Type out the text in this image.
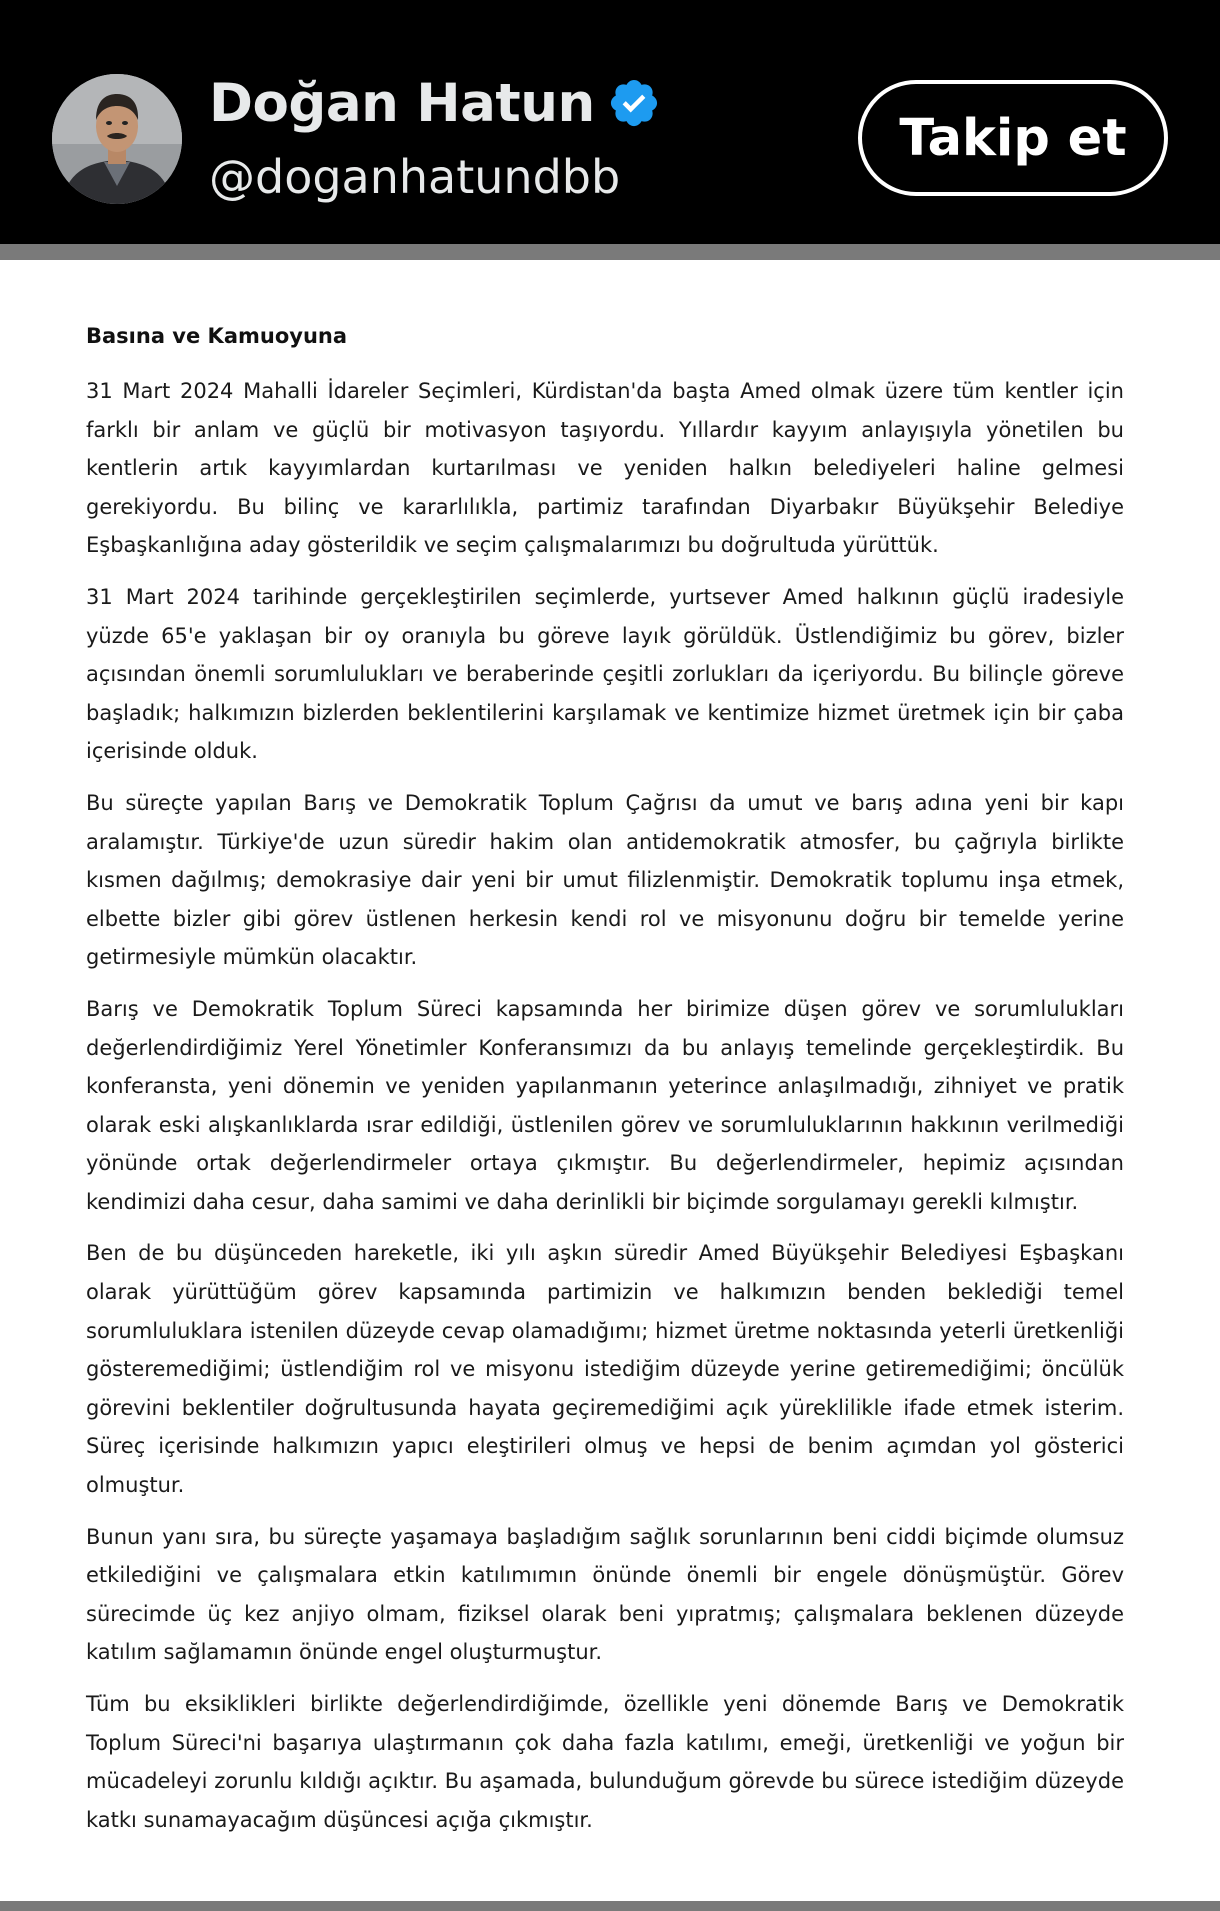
Doğan Hatun
@doganhatundbb
Takip et
Basına ve Kamuoyuna

31 Mart 2024 Mahalli İdareler Seçimleri, Kürdistan'da başta Amed olmak üzere tüm kentler için farklı bir anlam ve güçlü bir motivasyon taşıyordu. Yıllardır kayyım anlayışıyla yönetilen bu kentlerin artık kayyımlardan kurtarılması ve yeniden halkın belediyeleri haline gelmesi gerekiyordu. Bu bilinç ve kararlılıkla, partimiz tarafından Diyarbakır Büyükşehir Belediye Eşbaşkanlığına aday gösterildik ve seçim çalışmalarımızı bu doğrultuda yürüttük.

31 Mart 2024 tarihinde gerçekleştirilen seçimlerde, yurtsever Amed halkının güçlü iradesiyle yüzde 65'e yaklaşan bir oy oranıyla bu göreve layık görüldük. Üstlendiğimiz bu görev, bizler açısından önemli sorumlulukları ve beraberinde çeşitli zorlukları da içeriyordu. Bu bilinçle göreve başladık; halkımızın bizlerden beklentilerini karşılamak ve kentimize hizmet üretmek için bir çaba içerisinde olduk.

Bu süreçte yapılan Barış ve Demokratik Toplum Çağrısı da umut ve barış adına yeni bir kapı aralamıştır. Türkiye'de uzun süredir hakim olan antidemokratik atmosfer, bu çağrıyla birlikte kısmen dağılmış; demokrasiye dair yeni bir umut filizlenmiştir. Demokratik toplumu inşa etmek, elbette bizler gibi görev üstlenen herkesin kendi rol ve misyonunu doğru bir temelde yerine getirmesiyle mümkün olacaktır.

Barış ve Demokratik Toplum Süreci kapsamında her birimize düşen görev ve sorumlulukları değerlendirdiğimiz Yerel Yönetimler Konferansımızı da bu anlayış temelinde gerçekleştirdik. Bu konferansta, yeni dönemin ve yeniden yapılanmanın yeterince anlaşılmadığı, zihniyet ve pratik olarak eski alışkanlıklarda ısrar edildiği, üstlenilen görev ve sorumluluklarının hakkının verilmediği yönünde ortak değerlendirmeler ortaya çıkmıştır. Bu değerlendirmeler, hepimiz açısından kendimizi daha cesur, daha samimi ve daha derinlikli bir biçimde sorgulamayı gerekli kılmıştır.

Ben de bu düşünceden hareketle, iki yılı aşkın süredir Amed Büyükşehir Belediyesi Eşbaşkanı olarak yürüttüğüm görev kapsamında partimizin ve halkımızın benden beklediği temel sorumluluklara istenilen düzeyde cevap olamadığımı; hizmet üretme noktasında yeterli üretkenliği gösteremediğimi; üstlendiğim rol ve misyonu istediğim düzeyde yerine getiremediğimi; öncülük görevini beklentiler doğrultusunda hayata geçiremediğimi açık yüreklilikle ifade etmek isterim. Süreç içerisinde halkımızın yapıcı eleştirileri olmuş ve hepsi de benim açımdan yol gösterici olmuştur.

Bunun yanı sıra, bu süreçte yaşamaya başladığım sağlık sorunlarının beni ciddi biçimde olumsuz etkilediğini ve çalışmalara etkin katılımımın önünde önemli bir engele dönüşmüştür. Görev sürecimde üç kez anjiyo olmam, fiziksel olarak beni yıpratmış; çalışmalara beklenen düzeyde katılım sağlamamın önünde engel oluşturmuştur.

Tüm bu eksiklikleri birlikte değerlendirdiğimde, özellikle yeni dönemde Barış ve Demokratik Toplum Süreci'ni başarıya ulaştırmanın çok daha fazla katılımı, emeği, üretkenliği ve yoğun bir mücadeleyi zorunlu kıldığı açıktır. Bu aşamada, bulunduğum görevde bu sürece istediğim düzeyde katkı sunamayacağım düşüncesi açığa çıkmıştır.
